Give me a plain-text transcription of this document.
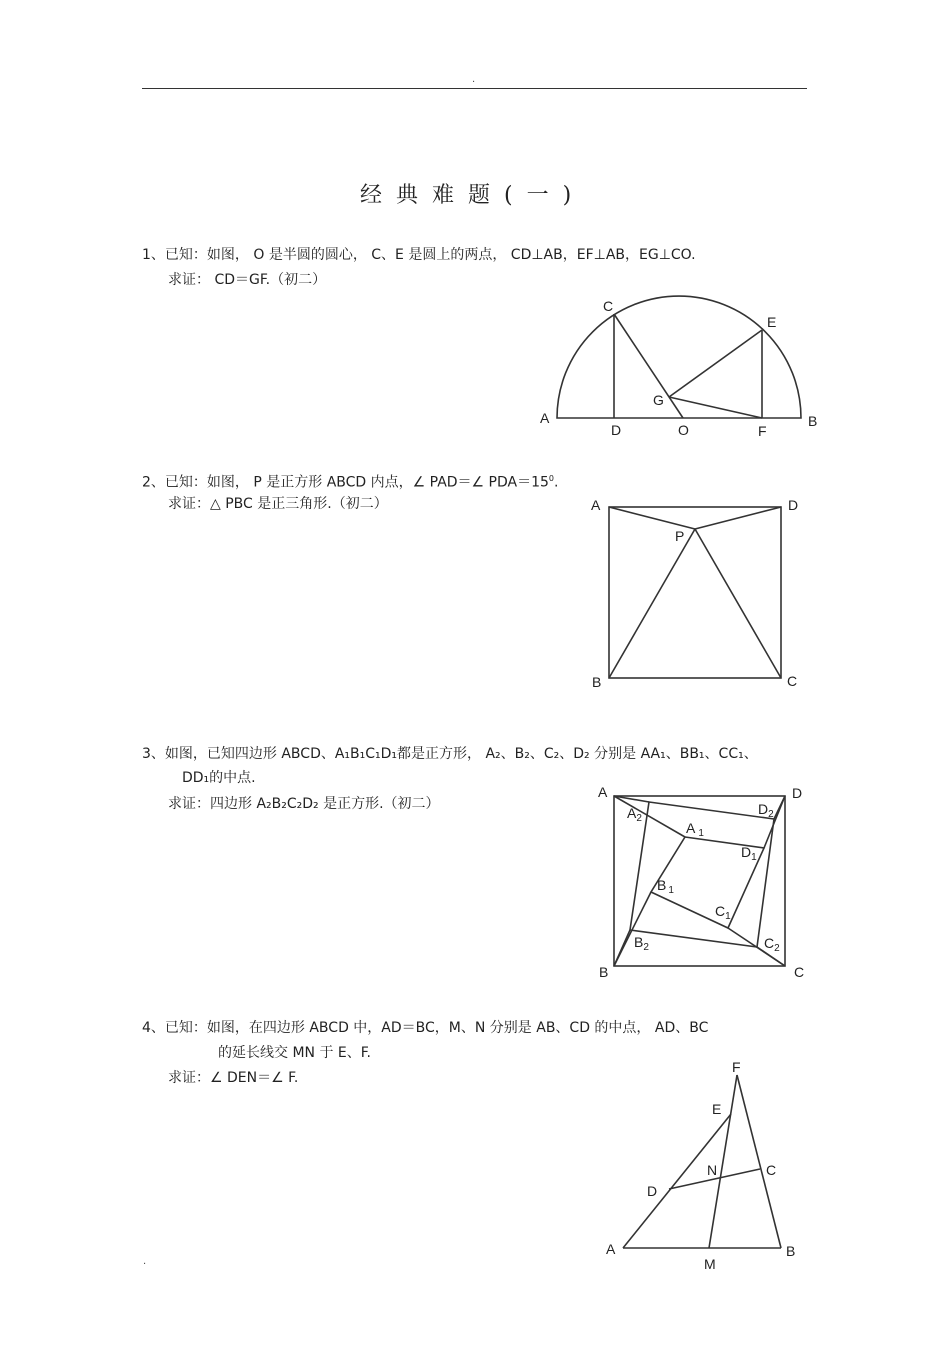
.
经典难题(一)
1、已知：如图， O 是半圆的圆心， C、E 是圆上的两点， CD⊥AB，EF⊥AB，EG⊥CO.
求证： CD＝GF.（初二）
A	B
C
D
E
F
G
O
2、已知：如图， P 是正方形 ABCD 内点，∠ PAD＝∠ $PDA=15^0$.
求证：△ PBC 是正三角形.（初二）	A	D
B	C
P
3、如图，已知四边形 ABCD、A₁B₁C₁D₁都是正方形， A₂、B₂、C₂、D₂ 分别是 AA₁、BB₁、CC₁、
DD₁的中点.
求证：四边形 A₂B₂C₂D₂ 是正方形.（初二）
A	D
B	C
$A_2$
$D_2$
A $_1$
$D_1$
B $_1$
$C_1$
$B_2$	$C_2$
4、已知：如图，在四边形 ABCD 中，AD＝BC，M、N 分别是 AB、CD 的中点， AD、BC
的延长线交 MN 于 E、F.
求证：∠ DEN＝∠ F.
F
E
N	C
D
A	B
M
.
